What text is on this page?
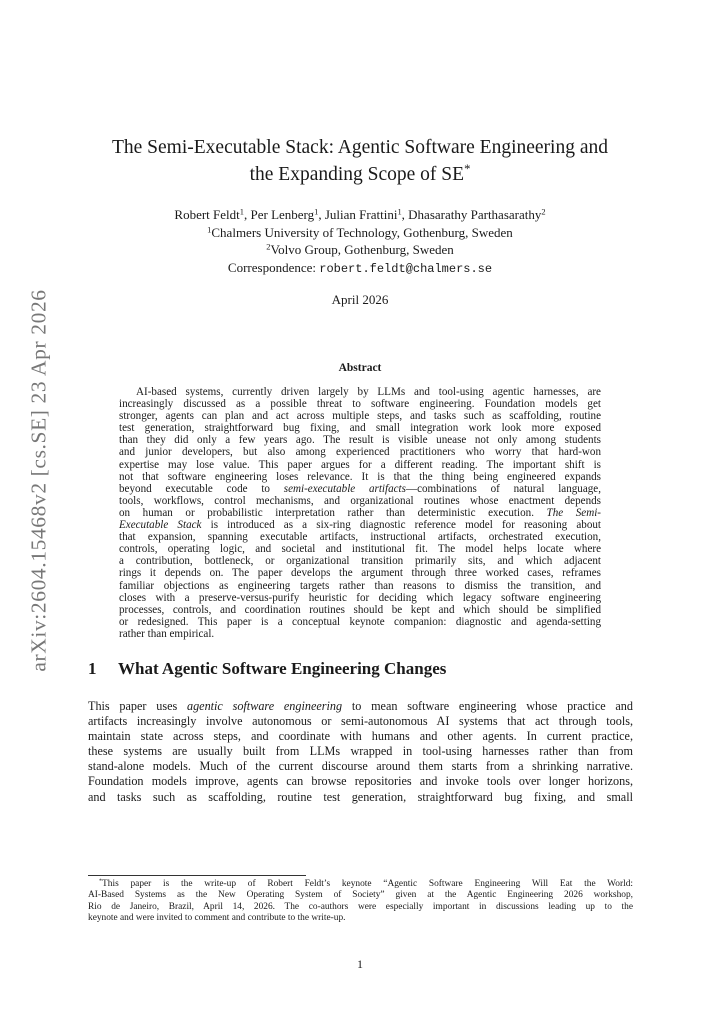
arXiv:2604.15468v2 [cs.SE] 23 Apr 2026
The Semi-Executable Stack: Agentic Software Engineering and
the Expanding Scope of SE*
Robert Feldt$^1$, Per Lenberg$^1$, Julian Frattini$^1$, Dhasarathy Parthasarathy$^2$
$^1$Chalmers University of Technology, Gothenburg, Sweden
$^2$Volvo Group, Gothenburg, Sweden
Correspondence: robert.feldt@chalmers.se
April 2026
Abstract
AI-based systems, currently driven largely by LLMs and tool-using agentic harnesses, are
increasingly discussed as a possible threat to software engineering. Foundation models get
stronger, agents can plan and act across multiple steps, and tasks such as scaffolding, routine
test generation, straightforward bug fixing, and small integration work look more exposed
than they did only a few years ago. The result is visible unease not only among students
and junior developers, but also among experienced practitioners who worry that hard-won
expertise may lose value. This paper argues for a different reading. The important shift is
not that software engineering loses relevance. It is that the thing being engineered expands
beyond executable code to semi-executable artifacts—combinations of natural language,
tools, workflows, control mechanisms, and organizational routines whose enactment depends
on human or probabilistic interpretation rather than deterministic execution. The Semi-
Executable Stack is introduced as a six-ring diagnostic reference model for reasoning about
that expansion, spanning executable artifacts, instructional artifacts, orchestrated execution,
controls, operating logic, and societal and institutional fit. The model helps locate where
a contribution, bottleneck, or organizational transition primarily sits, and which adjacent
rings it depends on. The paper develops the argument through three worked cases, reframes
familiar objections as engineering targets rather than reasons to dismiss the transition, and
closes with a preserve-versus-purify heuristic for deciding which legacy software engineering
processes, controls, and coordination routines should be kept and which should be simplified
or redesigned. This paper is a conceptual keynote companion: diagnostic and agenda-setting
rather than empirical.
1 What Agentic Software Engineering Changes
This paper uses agentic software engineering to mean software engineering whose practice and
artifacts increasingly involve autonomous or semi-autonomous AI systems that act through tools,
maintain state across steps, and coordinate with humans and other agents. In current practice,
these systems are usually built from LLMs wrapped in tool-using harnesses rather than from
stand-alone models. Much of the current discourse around them starts from a shrinking narrative.
Foundation models improve, agents can browse repositories and invoke tools over longer horizons,
and tasks such as scaffolding, routine test generation, straightforward bug fixing, and small
*This paper is the write-up of Robert Feldt’s keynote “Agentic Software Engineering Will Eat the World:
AI-Based Systems as the New Operating System of Society” given at the Agentic Engineering 2026 workshop,
Rio de Janeiro, Brazil, April 14, 2026. The co-authors were especially important in discussions leading up to the
keynote and were invited to comment and contribute to the write-up.
1
